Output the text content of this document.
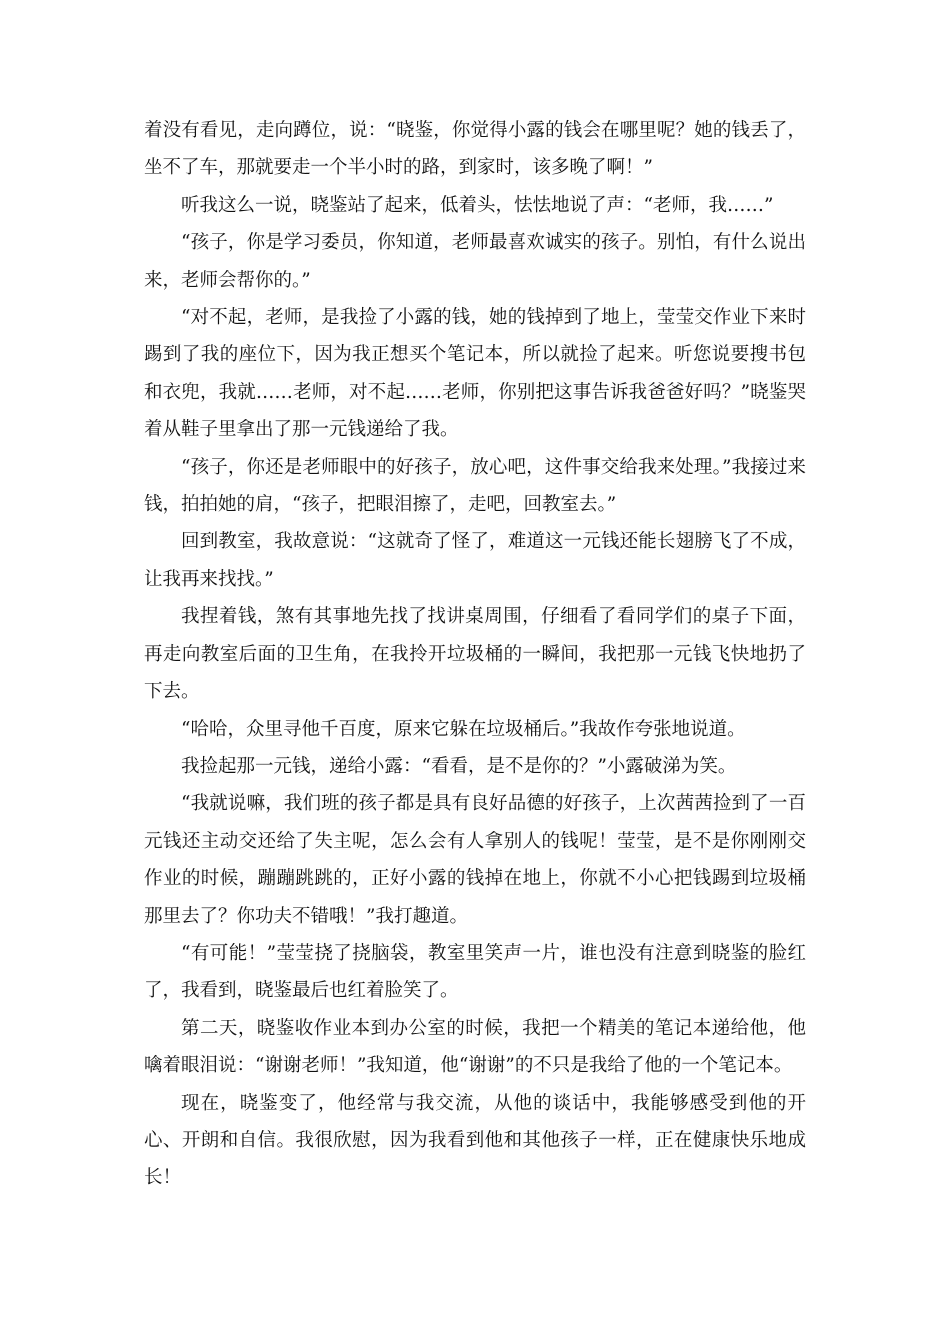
着没有看见，走向蹲位，说：“晓鉴，你觉得小露的钱会在哪里呢？她的钱丢了，坐不了车，那就要走一个半小时的路，到家时，该多晚了啊！”

听我这么一说，晓鉴站了起来，低着头，怯怯地说了声：“老师，我……”

“孩子，你是学习委员，你知道，老师最喜欢诚实的孩子。别怕，有什么说出来，老师会帮你的。”

“对不起，老师，是我捡了小露的钱，她的钱掉到了地上，莹莹交作业下来时踢到了我的座位下，因为我正想买个笔记本，所以就捡了起来。听您说要搜书包和衣兜，我就……老师，对不起……老师，你别把这事告诉我爸爸好吗？”晓鉴哭着从鞋子里拿出了那一元钱递给了我。

“孩子，你还是老师眼中的好孩子，放心吧，这件事交给我来处理。”我接过来钱，拍拍她的肩，“孩子，把眼泪擦了，走吧，回教室去。”

回到教室，我故意说：“这就奇了怪了，难道这一元钱还能长翅膀飞了不成，让我再来找找。”

我捏着钱，煞有其事地先找了找讲桌周围，仔细看了看同学们的桌子下面，再走向教室后面的卫生角，在我拎开垃圾桶的一瞬间，我把那一元钱飞快地扔了下去。

“哈哈，众里寻他千百度，原来它躲在垃圾桶后。”我故作夸张地说道。

我捡起那一元钱，递给小露：“看看，是不是你的？”小露破涕为笑。

“我就说嘛，我们班的孩子都是具有良好品德的好孩子，上次茜茜捡到了一百元钱还主动交还给了失主呢，怎么会有人拿别人的钱呢！莹莹，是不是你刚刚交作业的时候，蹦蹦跳跳的，正好小露的钱掉在地上，你就不小心把钱踢到垃圾桶那里去了？你功夫不错哦！”我打趣道。

“有可能！”莹莹挠了挠脑袋，教室里笑声一片，谁也没有注意到晓鉴的脸红了，我看到，晓鉴最后也红着脸笑了。

第二天，晓鉴收作业本到办公室的时候，我把一个精美的笔记本递给他，他噙着眼泪说：“谢谢老师！”我知道，他“谢谢”的不只是我给了他的一个笔记本。

现在，晓鉴变了，他经常与我交流，从他的谈话中，我能够感受到他的开心、开朗和自信。我很欣慰，因为我看到他和其他孩子一样，正在健康快乐地成长！
